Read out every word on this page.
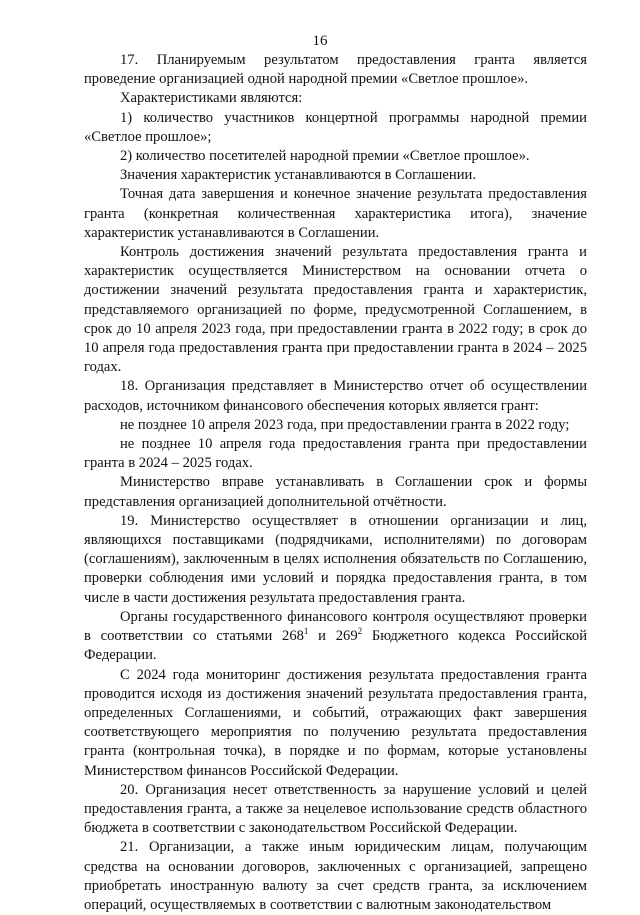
16

17. Планируемым результатом предоставления гранта является проведение организацией одной народной премии «Светлое прошлое».

Характеристиками являются:

1) количество участников концертной программы народной премии «Светлое прошлое»;

2) количество посетителей народной премии «Светлое прошлое».

Значения характеристик устанавливаются в Соглашении.

Точная дата завершения и конечное значение результата предоставления гранта (конкретная количественная характеристика итога), значение характеристик устанавливаются в Соглашении.

Контроль достижения значений результата предоставления гранта и характеристик осуществляется Министерством на основании отчета о достижении значений результата предоставления гранта и характеристик, представляемого организацией по форме, предусмотренной Соглашением, в срок до 10 апреля 2023 года, при предоставлении гранта в 2022 году; в срок до 10 апреля года предоставления гранта при предоставлении гранта в 2024 – 2025 годах.

18. Организация представляет в Министерство отчет об осуществлении расходов, источником финансового обеспечения которых является грант:

не позднее 10 апреля 2023 года, при предоставлении гранта в 2022 году;

не позднее 10 апреля года предоставления гранта при предоставлении гранта в 2024 – 2025 годах.

Министерство вправе устанавливать в Соглашении срок и формы представления организацией дополнительной отчётности.

19. Министерство осуществляет в отношении организации и лиц, являющихся поставщиками (подрядчиками, исполнителями) по договорам (соглашениям), заключенным в целях исполнения обязательств по Соглашению, проверки соблюдения ими условий и порядка предоставления гранта, в том числе в части достижения результата предоставления гранта.

Органы государственного финансового контроля осуществляют проверки в соответствии со статьями $268^1$ и $269^2$ Бюджетного кодекса Российской Федерации.

С 2024 года мониторинг достижения результата предоставления гранта проводится исходя из достижения значений результата предоставления гранта, определенных Соглашениями, и событий, отражающих факт завершения соответствующего мероприятия по получению результата предоставления гранта (контрольная точка), в порядке и по формам, которые установлены Министерством финансов Российской Федерации.

20. Организация несет ответственность за нарушение условий и целей предоставления гранта, а также за нецелевое использование средств областного бюджета в соответствии с законодательством Российской Федерации.

21. Организации, а также иным юридическим лицам, получающим средства на основании договоров, заключенных с организацией, запрещено приобретать иностранную валюту за счет средств гранта, за исключением операций, осуществляемых в соответствии с валютным законодательством
